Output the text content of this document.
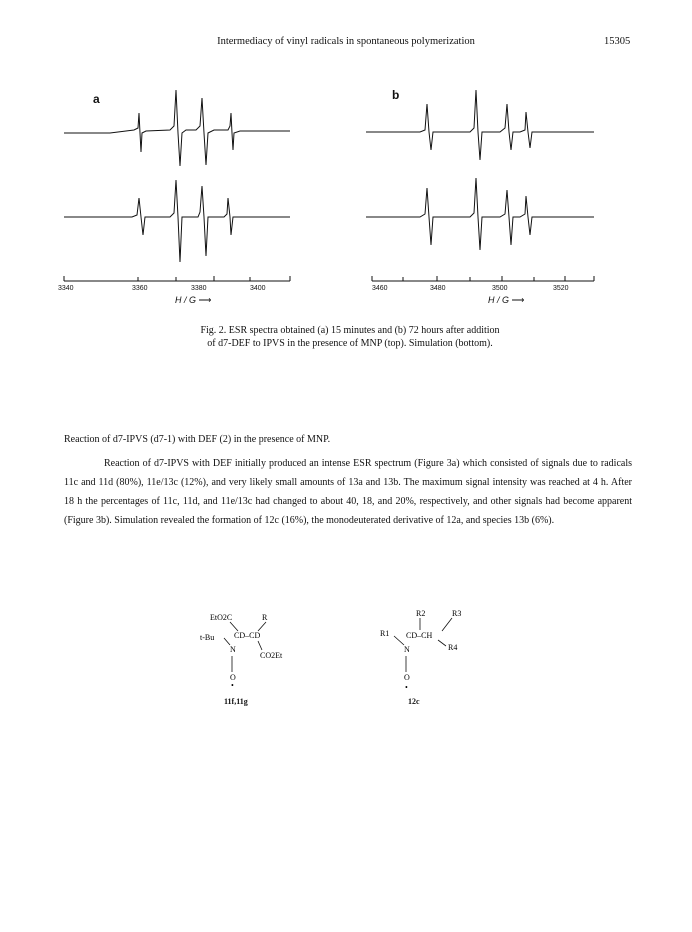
Intermediacy of vinyl radicals in spontaneous polymerization	15305
a	b
3340	3360	3380	3400
H / G ⟶
3460	3480	3500	3520
H / G ⟶
Fig. 2. ESR spectra obtained (a) 15 minutes and (b) 72 hours after addition
of d7-DEF to IPVS in the presence of MNP (top). Simulation (bottom).
Reaction of d7-IPVS (d7-1) with DEF (2) in the presence of MNP.

Reaction of d7-IPVS with DEF initially produced an intense ESR spectrum (Figure 3a) which consisted of signals due to radicals 11c and 11d (80%), 11e/13c (12%), and very likely small amounts of 13a and 13b. The maximum signal intensity was reached at 4 h. After 18 h the percentages of 11c, 11d, and 11e/13c had changed to about 40, 18, and 20%, respectively, and other signals had become apparent (Figure 3b). Simulation revealed the formation of 12c (16%), the monodeuterated derivative of 12a, and species 13b (6%).

EtO2C	R
t-Bu CD–CD
N
CO2Et
O
•
11f,11g
R2	R3
R1 CD–CH
N	R4
O
•
12c
